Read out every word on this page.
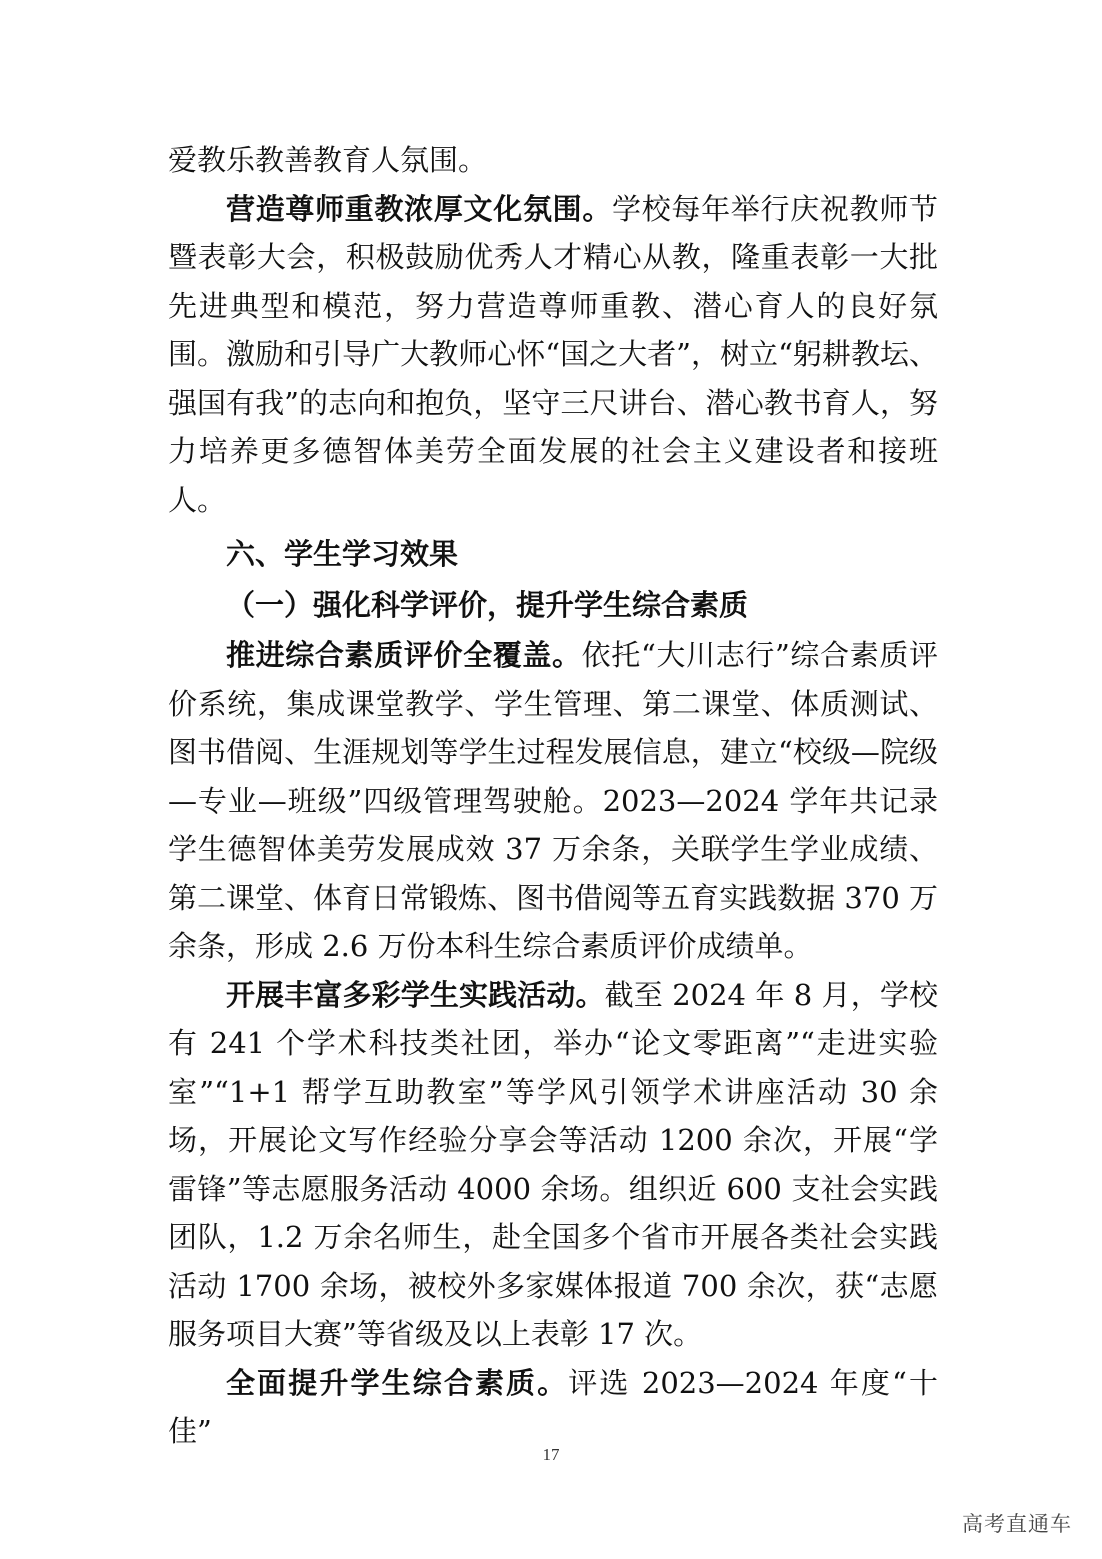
爱教乐教善教育人氛围。

营造尊师重教浓厚文化氛围。学校每年举行庆祝教师节暨表彰大会，积极鼓励优秀人才精心从教，隆重表彰一大批先进典型和模范，努力营造尊师重教、潜心育人的良好氛围。激励和引导广大教师心怀“国之大者”，树立“躬耕教坛、强国有我”的志向和抱负，坚守三尺讲台、潜心教书育人，努力培养更多德智体美劳全面发展的社会主义建设者和接班人。

六、学生学习效果

（一）强化科学评价，提升学生综合素质

推进综合素质评价全覆盖。依托“大川志行”综合素质评价系统，集成课堂教学、学生管理、第二课堂、体质测试、图书借阅、生涯规划等学生过程发展信息，建立“校级—院级—专业—班级”四级管理驾驶舱。2023—2024 学年共记录学生德智体美劳发展成效 37 万余条，关联学生学业成绩、第二课堂、体育日常锻炼、图书借阅等五育实践数据 370 万余条，形成 2.6 万份本科生综合素质评价成绩单。

开展丰富多彩学生实践活动。截至 2024 年 8 月，学校有 241 个学术科技类社团，举办“论文零距离”“走进实验室”“1+1 帮学互助教室”等学风引领学术讲座活动 30 余场，开展论文写作经验分享会等活动 1200 余次，开展“学雷锋”等志愿服务活动 4000 余场。组织近 600 支社会实践团队，1.2 万余名师生，赴全国多个省市开展各类社会实践活动 1700 余场，被校外多家媒体报道 700 余次，获“志愿服务项目大赛”等省级及以上表彰 17 次。

全面提升学生综合素质。评选 2023—2024 年度“十佳”

17
高考直通车
